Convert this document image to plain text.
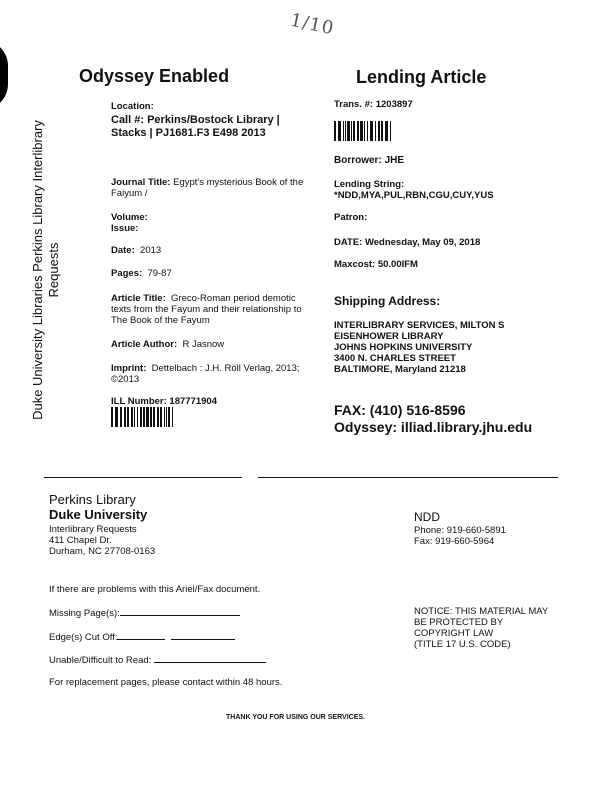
1/10
Odyssey Enabled	Lending Article
Duke University Libraries Perkins Library Interlibrary Requests
Location:
Call #: Perkins/Bostock Library |
Stacks | PJ1681.F3 E498 2013
Journal Title: Egypt's mysterious Book of the
Faiyum /
Volume:
Issue:
Date: 2013
Pages: 79-87
Article Title: Greco-Roman period demotic
texts from the Fayum and their relationship to
The Book of the Fayum
Article Author: R Jasnow
Imprint: Dettelbach : J.H. Röll Verlag, 2013;
©2013
ILL Number: 187771904
Trans. #: 1203897
Borrower: JHE
Lending String:
*NDD,MYA,PUL,RBN,CGU,CUY,YUS
Patron:
DATE: Wednesday, May 09, 2018
Maxcost: 50.00IFM
Shipping Address:
INTERLIBRARY SERVICES, MILTON S
EISENHOWER LIBRARY
JOHNS HOPKINS UNIVERSITY
3400 N. CHARLES STREET
BALTIMORE, Maryland 21218
FAX: (410) 516-8596
Odyssey: illiad.library.jhu.edu
Perkins Library
Duke University
Interlibrary Requests
411 Chapel Dr.
Durham, NC 27708-0163
NDD
Phone: 919-660-5891
Fax: 919-660-5964
If there are problems with this Ariel/Fax document.
Missing Page(s):
Edge(s) Cut Off:
Unable/Difficult to Read:
NOTICE: THIS MATERIAL MAY
BE PROTECTED BY
COPYRIGHT LAW
(TITLE 17 U.S. CODE)
For replacement pages, please contact within 48 hours.
THANK YOU FOR USING OUR SERVICES.
